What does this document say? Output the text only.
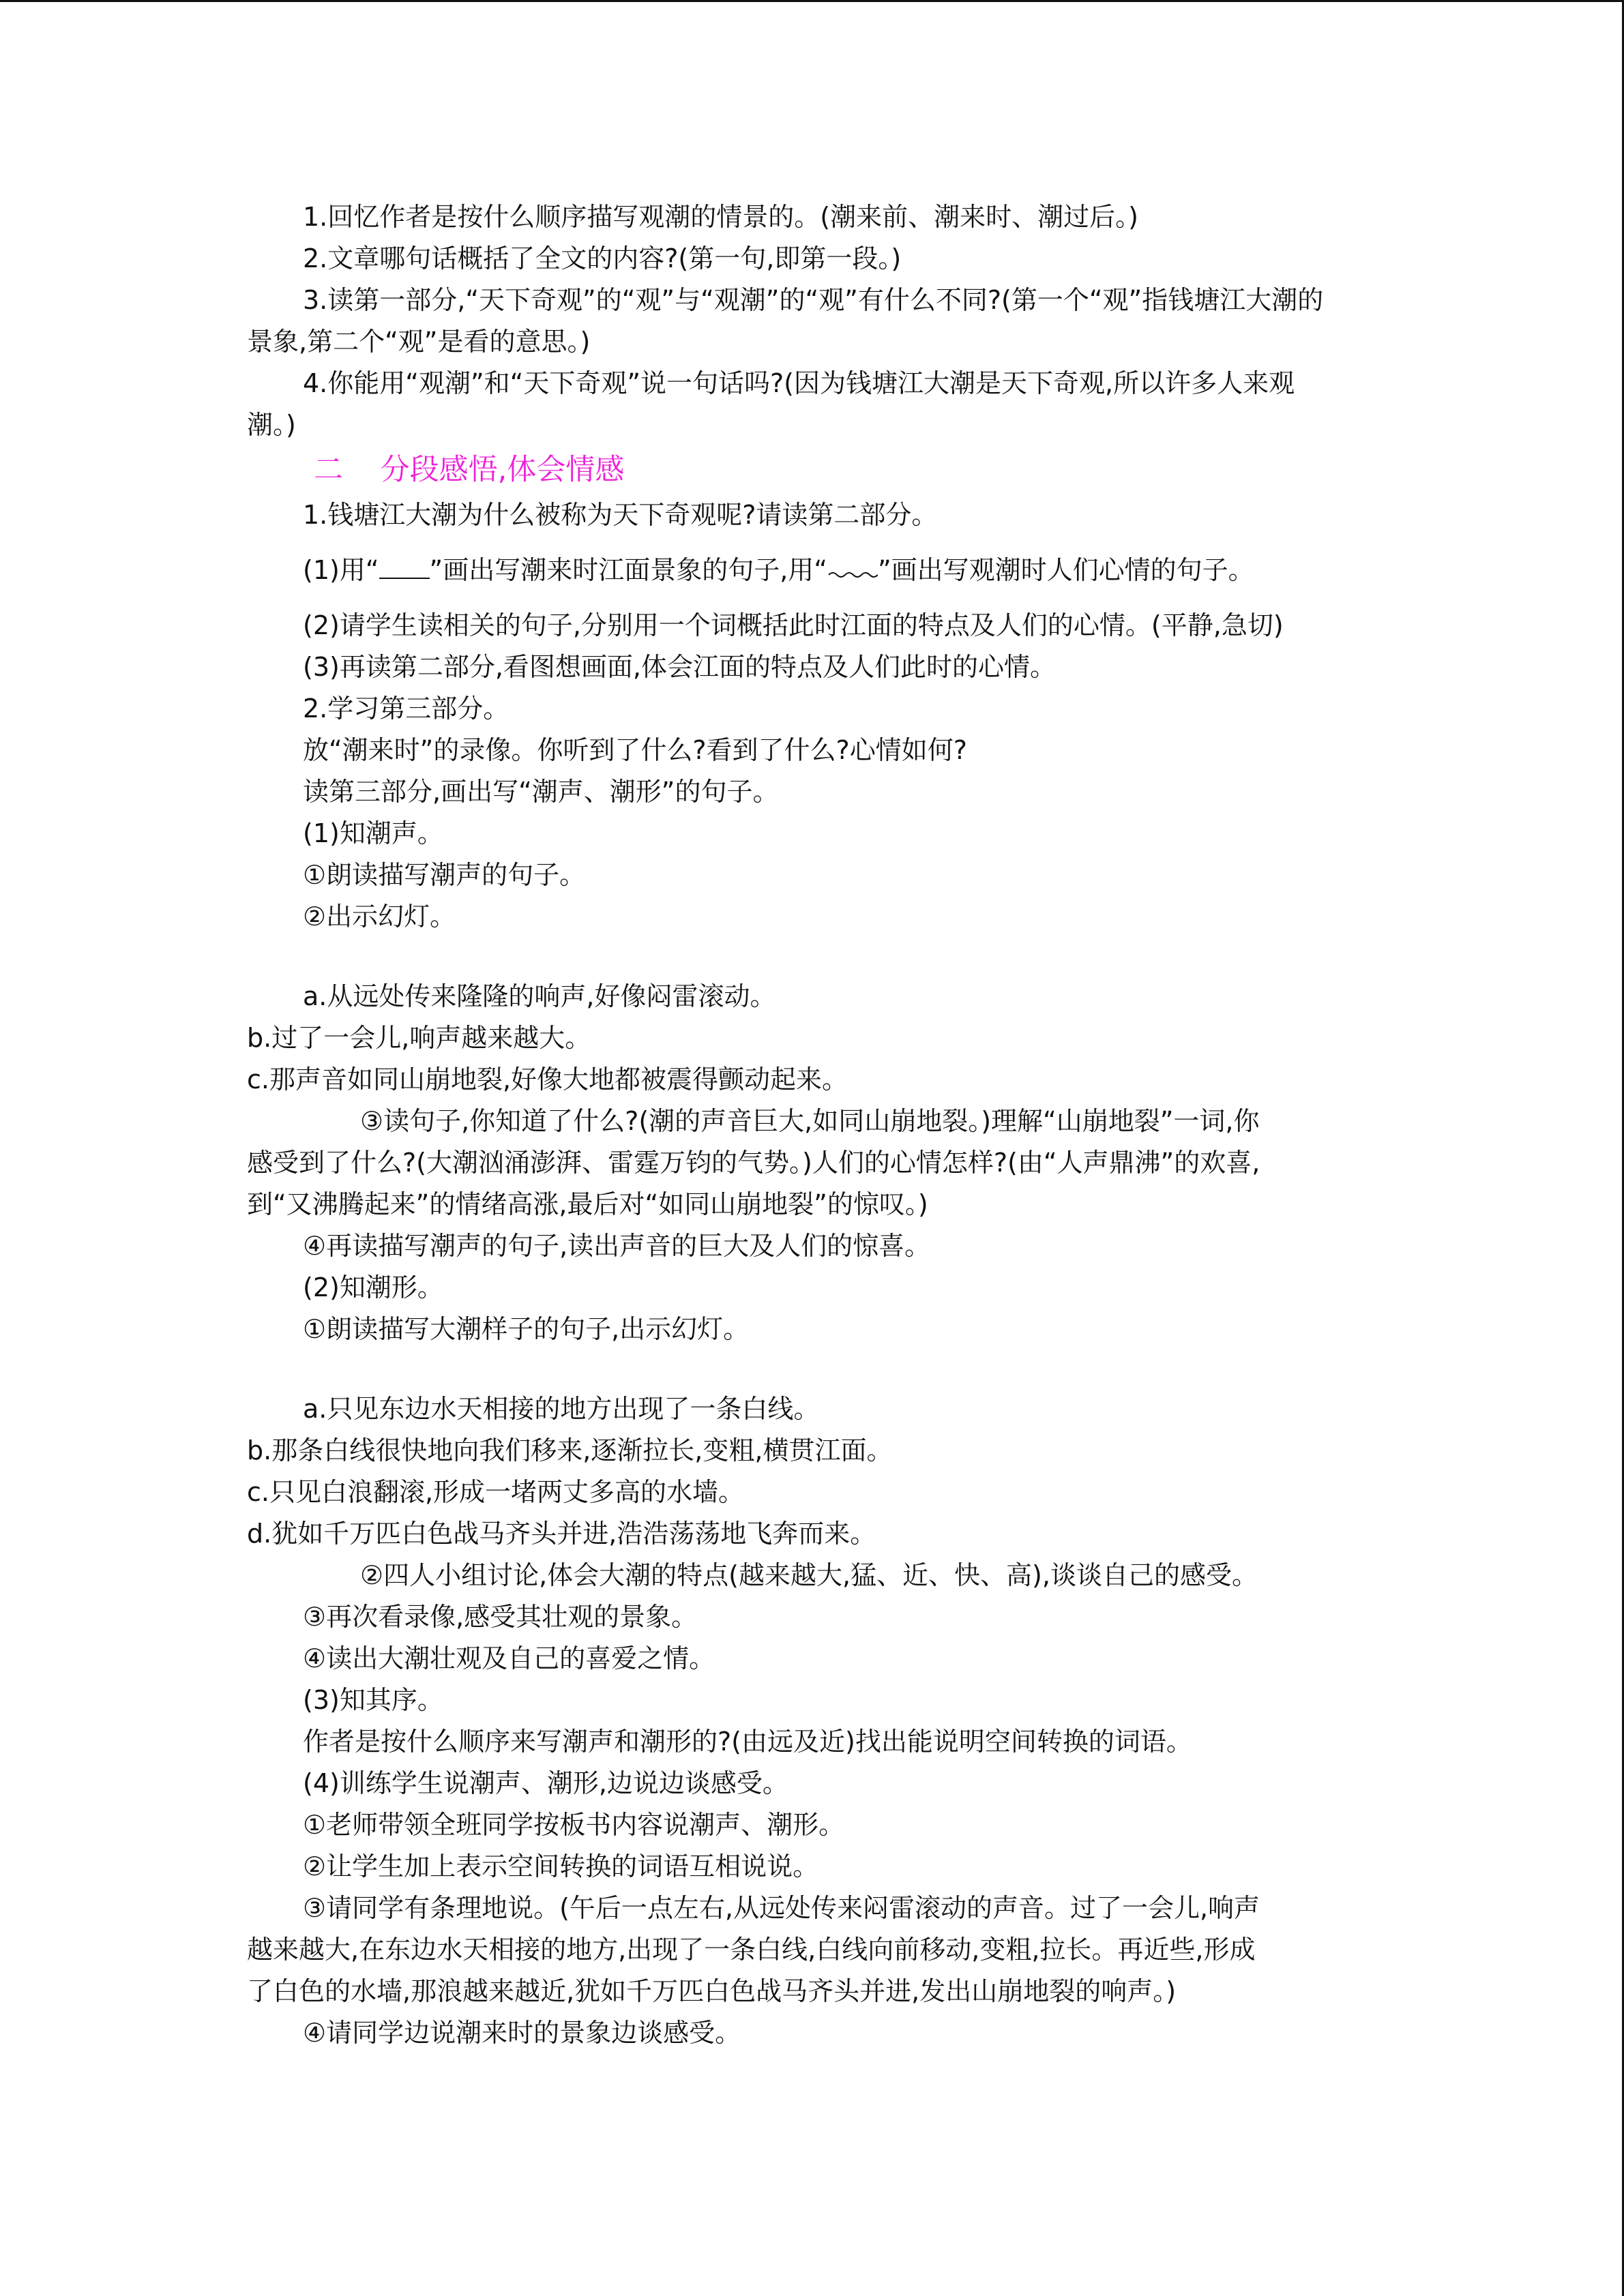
1.回忆作者是按什么顺序描写观潮的情景的。(潮来前、潮来时、潮过后。)

2.文章哪句话概括了全文的内容?(第一句,即第一段。)

3.读第一部分,“天下奇观”的“观”与“观潮”的“观”有什么不同?(第一个“观”指钱塘江大潮的

景象,第二个“观”是看的意思。)

4.你能用“观潮”和“天下奇观”说一句话吗?(因为钱塘江大潮是天下奇观,所以许多人来观

潮。)

二    分段感悟,体会情感

1.钱塘江大潮为什么被称为天下奇观呢?请读第二部分。

(1)用“ ”画出写潮来时江面景象的句子,用“ ”画出写观潮时人们心情的句子。

(2)请学生读相关的句子,分别用一个词概括此时江面的特点及人们的心情。(平静,急切)

(3)再读第二部分,看图想画面,体会江面的特点及人们此时的心情。

2.学习第三部分。

放“潮来时”的录像。你听到了什么?看到了什么?心情如何?

读第三部分,画出写“潮声、潮形”的句子。

(1)知潮声。

①朗读描写潮声的句子。

②出示幻灯。

a.从远处传来隆隆的响声,好像闷雷滚动。

b.过了一会儿,响声越来越大。

c.那声音如同山崩地裂,好像大地都被震得颤动起来。

③读句子,你知道了什么?(潮的声音巨大,如同山崩地裂。)理解“山崩地裂”一词,你

感受到了什么?(大潮汹涌澎湃、雷霆万钧的气势。)人们的心情怎样?(由“人声鼎沸”的欢喜,

到“又沸腾起来”的情绪高涨,最后对“如同山崩地裂”的惊叹。)

④再读描写潮声的句子,读出声音的巨大及人们的惊喜。

(2)知潮形。

①朗读描写大潮样子的句子,出示幻灯。

a.只见东边水天相接的地方出现了一条白线。

b.那条白线很快地向我们移来,逐渐拉长,变粗,横贯江面。

c.只见白浪翻滚,形成一堵两丈多高的水墙。

d.犹如千万匹白色战马齐头并进,浩浩荡荡地飞奔而来。

②四人小组讨论,体会大潮的特点(越来越大,猛、近、快、高),谈谈自己的感受。

③再次看录像,感受其壮观的景象。

④读出大潮壮观及自己的喜爱之情。

(3)知其序。

作者是按什么顺序来写潮声和潮形的?(由远及近)找出能说明空间转换的词语。

(4)训练学生说潮声、潮形,边说边谈感受。

①老师带领全班同学按板书内容说潮声、潮形。

②让学生加上表示空间转换的词语互相说说。

③请同学有条理地说。(午后一点左右,从远处传来闷雷滚动的声音。过了一会儿,响声

越来越大,在东边水天相接的地方,出现了一条白线,白线向前移动,变粗,拉长。再近些,形成

了白色的水墙,那浪越来越近,犹如千万匹白色战马齐头并进,发出山崩地裂的响声。)

④请同学边说潮来时的景象边谈感受。
